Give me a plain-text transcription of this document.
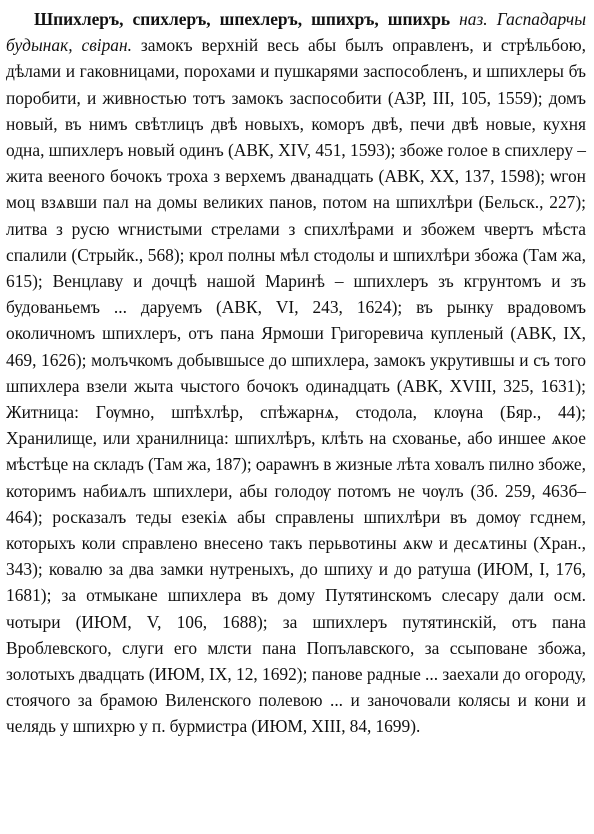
Шпихлеръ, спихлеръ, шпехлеръ, шпихръ, шпихрь наз. Гаспадарчы будынак, свіран. замокъ верхній весь абы былъ оправленъ, и стрѣльбою, дѣлами и гаковницами, порохами и пушкарями заспособленъ, и шпихлеры бъ поробити, и живностью тотъ замокъ заспособити (АЗР, III, 105, 1559); домъ новый, въ нимъ свѣтлицъ двѣ новыхъ, коморъ двѣ, печи двѣ новые, кухня одна, шпихлеръ новый одинъ (АВК, XIV, 451, 1593); збоже голое в спихлеру – жита веeного бочокъ троха з верхемъ дванадцать (АВК, XX, 137, 1598); ѡгон моц взѧвши пал на домы великих панов, потом на шпихлѣри (Бельск., 227); литва з русю ѡгнистыми стрелами з спихлѣрами и збожем чвертъ мѣста спалили (Стрыйк., 568); крол полны мѣл стодолы и шпихлѣри збожа (Там жа, 615); Венцлаву и дочцѣ нашой Маринѣ – шпихлеръ зъ кгрунтомъ и зъ будованьемъ ... даруемъ (АВК, VI, 243, 1624); въ рынку врадовомъ околичномъ шпихлеръ, отъ пана Ярмоши Григоревича купленый (АВК, IX, 469, 1626); молъчкомъ добывшысе до шпихлера, замокъ укрутившы и съ того шпихлера взели жыта чыстого бочокъ одинадцать (АВК, XVIII, 325, 1631); Житница: Гѹмно, шпѣхлѣр, спѣжарнѧ, стодола, клѹна (Бяр., 44); Хранилище, или хранилница: шпихлѣръ, клѣть на схованье, або иншее ѧкое мѣстѣце на складъ (Там жа, 187); ѻараѡнъ в жизные лѣта ховалъ пилно збоже, которимъ набиѧлъ шпихлери, абы голодѹ потомъ не чѹлъ (Зб. 259, 463б–464); росказалъ теды езекіѧ абы справлены шпихлѣри въ домѹ гсднем, которыхъ коли справлено внесено такъ перьвотины ѧкѡ и десѧтины (Хран., 343); ковалю за два замки нутреныхъ, до шпиху и до ратуша (ИЮМ, I, 176, 1681); за отмыкане шпихлера въ дому Путятинскомъ слесару дали осм. чотыри (ИЮМ, V, 106, 1688); за шпихлеръ путятинскій, отъ пана Вроблевского, слуги его млсти пана Попълавского, за ссыповане збожа, золотыхъ двадцать (ИЮМ, IX, 12, 1692); панове радные ... заехали до огороду, стоячого за брамою Виленского полевою ... и заночовали колясы и кони и челядь у шпихрю у п. бурмистра (ИЮМ, XIII, 84, 1699).
